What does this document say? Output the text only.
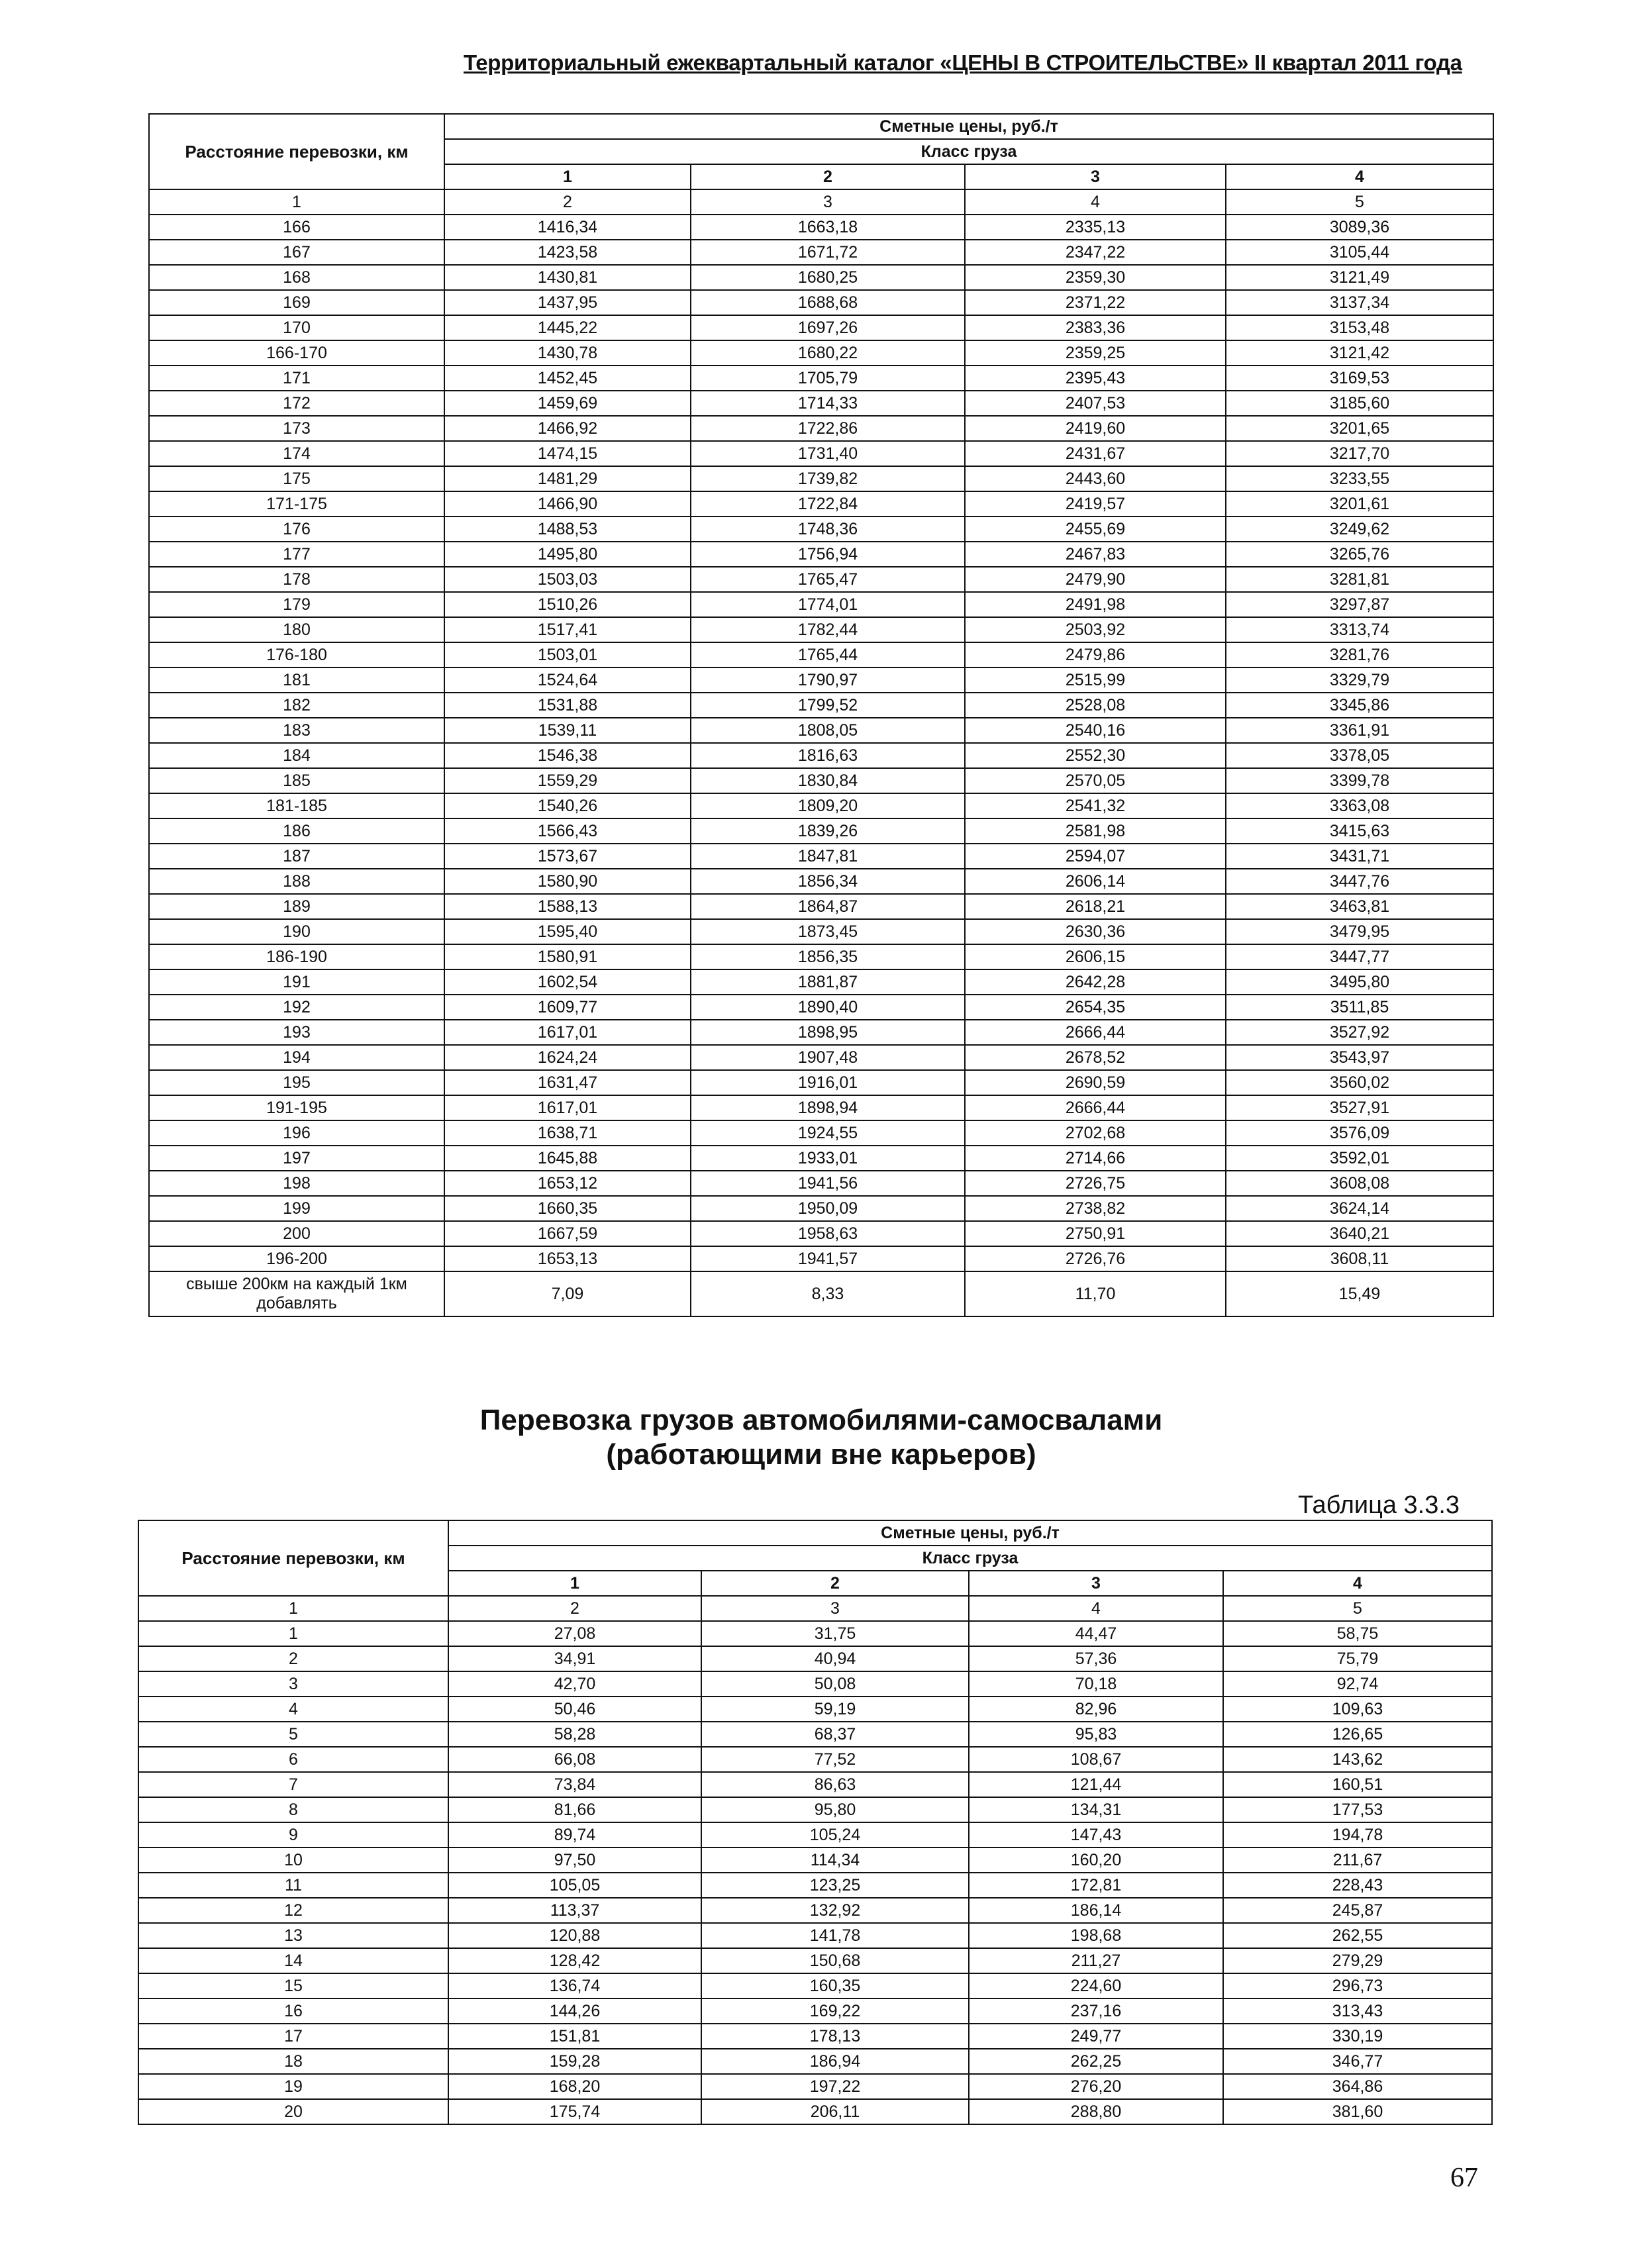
Территориальный ежеквартальный каталог «ЦЕНЫ В СТРОИТЕЛЬСТВЕ» II квартал 2011 года
Расстояние перевозки, км	Сметные цены, руб./т			
	Класс груза			
	1	2	3	4
1	2	3	4	5
166	1416,34	1663,18	2335,13	3089,36
167	1423,58	1671,72	2347,22	3105,44
168	1430,81	1680,25	2359,30	3121,49
169	1437,95	1688,68	2371,22	3137,34
170	1445,22	1697,26	2383,36	3153,48
166-170	1430,78	1680,22	2359,25	3121,42
171	1452,45	1705,79	2395,43	3169,53
172	1459,69	1714,33	2407,53	3185,60
173	1466,92	1722,86	2419,60	3201,65
174	1474,15	1731,40	2431,67	3217,70
175	1481,29	1739,82	2443,60	3233,55
171-175	1466,90	1722,84	2419,57	3201,61
176	1488,53	1748,36	2455,69	3249,62
177	1495,80	1756,94	2467,83	3265,76
178	1503,03	1765,47	2479,90	3281,81
179	1510,26	1774,01	2491,98	3297,87
180	1517,41	1782,44	2503,92	3313,74
176-180	1503,01	1765,44	2479,86	3281,76
181	1524,64	1790,97	2515,99	3329,79
182	1531,88	1799,52	2528,08	3345,86
183	1539,11	1808,05	2540,16	3361,91
184	1546,38	1816,63	2552,30	3378,05
185	1559,29	1830,84	2570,05	3399,78
181-185	1540,26	1809,20	2541,32	3363,08
186	1566,43	1839,26	2581,98	3415,63
187	1573,67	1847,81	2594,07	3431,71
188	1580,90	1856,34	2606,14	3447,76
189	1588,13	1864,87	2618,21	3463,81
190	1595,40	1873,45	2630,36	3479,95
186-190	1580,91	1856,35	2606,15	3447,77
191	1602,54	1881,87	2642,28	3495,80
192	1609,77	1890,40	2654,35	3511,85
193	1617,01	1898,95	2666,44	3527,92
194	1624,24	1907,48	2678,52	3543,97
195	1631,47	1916,01	2690,59	3560,02
191-195	1617,01	1898,94	2666,44	3527,91
196	1638,71	1924,55	2702,68	3576,09
197	1645,88	1933,01	2714,66	3592,01
198	1653,12	1941,56	2726,75	3608,08
199	1660,35	1950,09	2738,82	3624,14
200	1667,59	1958,63	2750,91	3640,21
196-200	1653,13	1941,57	2726,76	3608,11
свыше 200км на каждый 1км добавлять	7,09	8,33	11,70	15,49
Перевозка грузов автомобилями-самосвалами
(работающими вне карьеров)
Таблица 3.3.3
Расстояние перевозки, км	Сметные цены, руб./т			
	Класс груза			
	1	2	3	4
1	2	3	4	5
1	27,08	31,75	44,47	58,75
2	34,91	40,94	57,36	75,79
3	42,70	50,08	70,18	92,74
4	50,46	59,19	82,96	109,63
5	58,28	68,37	95,83	126,65
6	66,08	77,52	108,67	143,62
7	73,84	86,63	121,44	160,51
8	81,66	95,80	134,31	177,53
9	89,74	105,24	147,43	194,78
10	97,50	114,34	160,20	211,67
11	105,05	123,25	172,81	228,43
12	113,37	132,92	186,14	245,87
13	120,88	141,78	198,68	262,55
14	128,42	150,68	211,27	279,29
15	136,74	160,35	224,60	296,73
16	144,26	169,22	237,16	313,43
17	151,81	178,13	249,77	330,19
18	159,28	186,94	262,25	346,77
19	168,20	197,22	276,20	364,86
20	175,74	206,11	288,80	381,60
67
